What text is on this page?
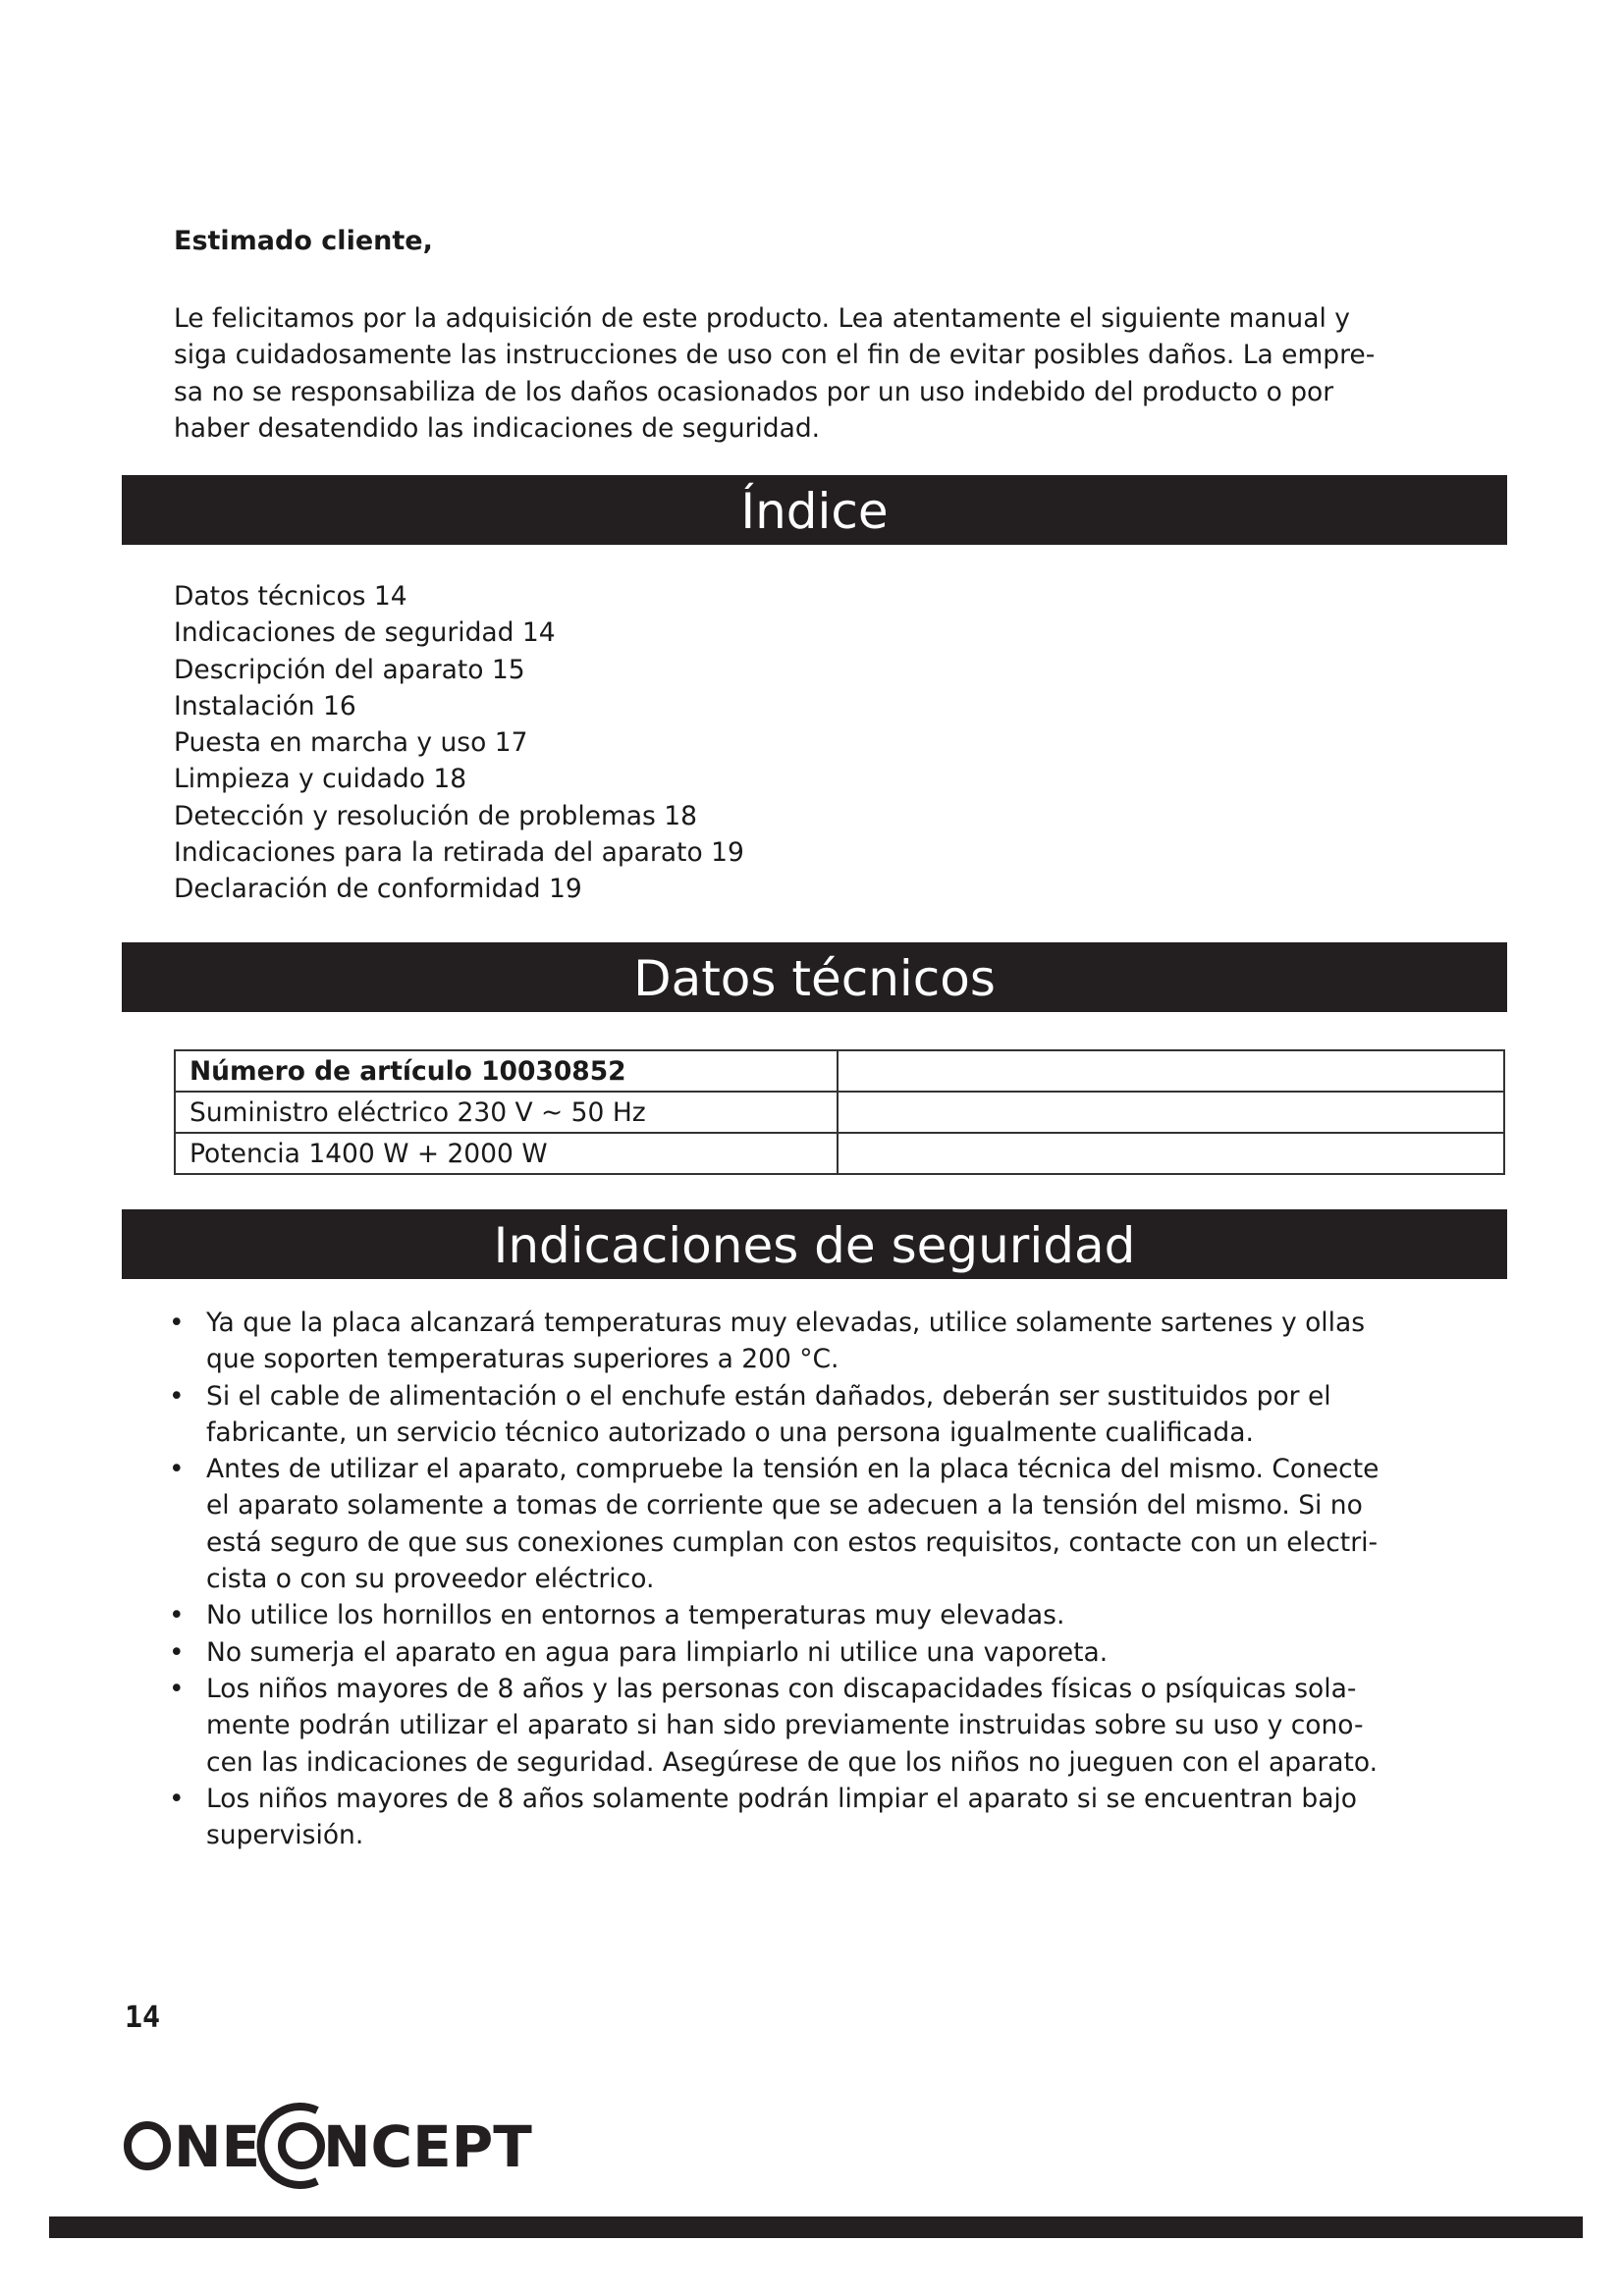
Estimado cliente,
Le felicitamos por la adquisición de este producto. Lea atentamente el siguiente manual y
siga cuidadosamente las instrucciones de uso con el fin de evitar posibles daños. La empre-
sa no se responsabiliza de los daños ocasionados por un uso indebido del producto o por
haber desatendido las indicaciones de seguridad.
Índice
Datos técnicos 14
Indicaciones de seguridad 14
Descripción del aparato 15
Instalación 16
Puesta en marcha y uso 17
Limpieza y cuidado 18
Detección y resolución de problemas 18
Indicaciones para la retirada del aparato 19
Declaración de conformidad 19
Datos técnicos
Número de artículo 10030852	
Suministro eléctrico 230 V ~ 50 Hz	
Potencia 1400 W + 2000 W	
Indicaciones de seguridad
• Ya que la placa alcanzará temperaturas muy elevadas, utilice solamente sartenes y ollas
que soporten temperaturas superiores a 200 °C.
• Si el cable de alimentación o el enchufe están dañados, deberán ser sustituidos por el
fabricante, un servicio técnico autorizado o una persona igualmente cualificada.
• Antes de utilizar el aparato, compruebe la tensión en la placa técnica del mismo. Conecte
el aparato solamente a tomas de corriente que se adecuen a la tensión del mismo. Si no
está seguro de que sus conexiones cumplan con estos requisitos, contacte con un electri-
cista o con su proveedor eléctrico.
• No utilice los hornillos en entornos a temperaturas muy elevadas.
• No sumerja el aparato en agua para limpiarlo ni utilice una vaporeta.
• Los niños mayores de 8 años y las personas con discapacidades físicas o psíquicas sola-
mente podrán utilizar el aparato si han sido previamente instruidas sobre su uso y cono-
cen las indicaciones de seguridad. Asegúrese de que los niños no jueguen con el aparato.
• Los niños mayores de 8 años solamente podrán limpiar el aparato si se encuentran bajo
supervisión.
14
NE NCEPT
